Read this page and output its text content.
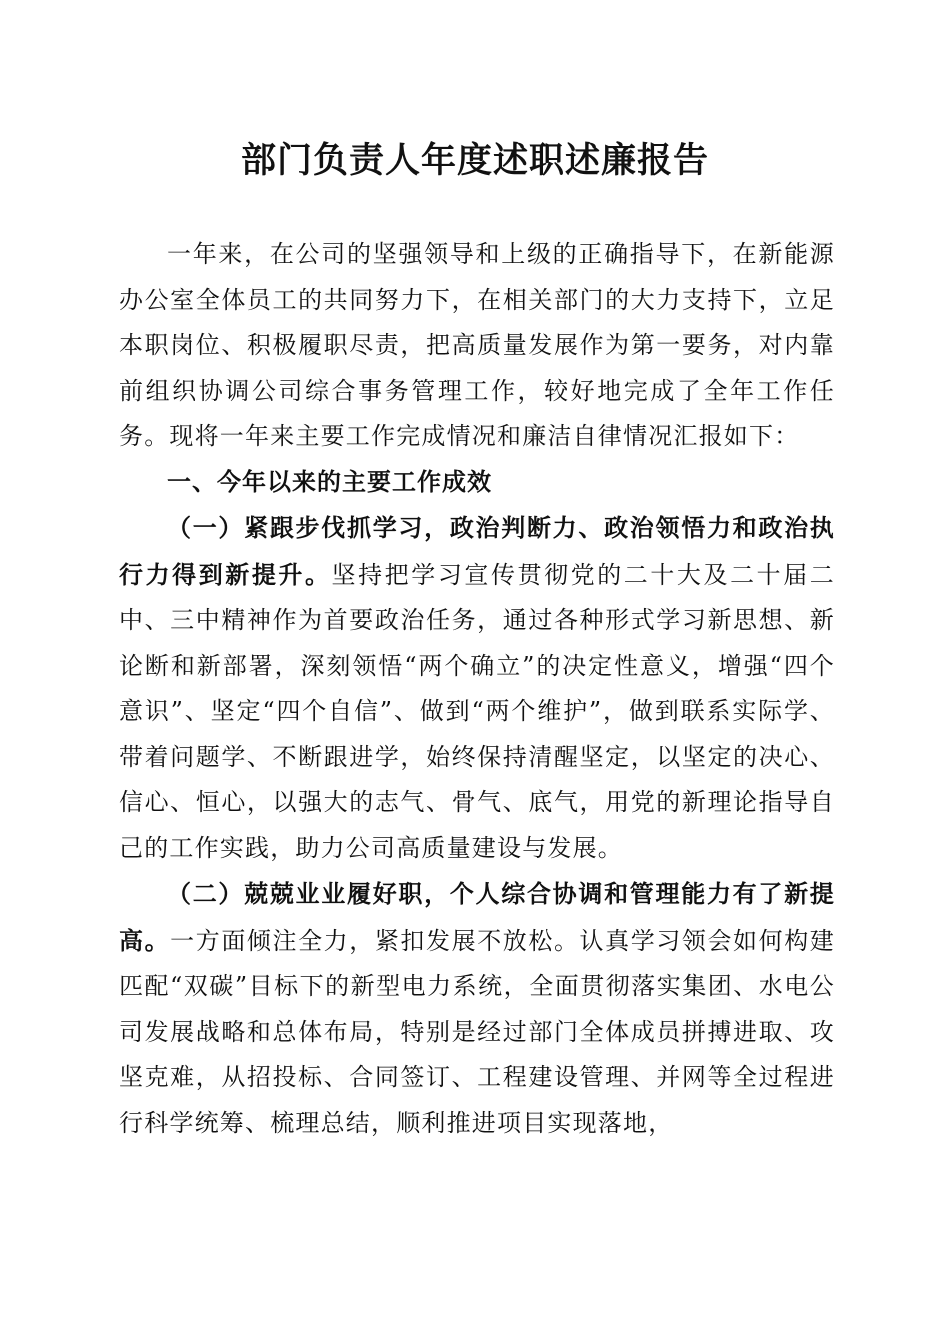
部门负责人年度述职述廉报告

一年来，在公司的坚强领导和上级的正确指导下，在新能源办公室全体员工的共同努力下，在相关部门的大力支持下，立足本职岗位、积极履职尽责，把高质量发展作为第一要务，对内靠前组织协调公司综合事务管理工作，较好地完成了全年工作任务。现将一年来主要工作完成情况和廉洁自律情况汇报如下：

一、今年以来的主要工作成效

（一）紧跟步伐抓学习，政治判断力、政治领悟力和政治执行力得到新提升。坚持把学习宣传贯彻党的二十大及二十届二中、三中精神作为首要政治任务，通过各种形式学习新思想、新论断和新部署，深刻领悟“两个确立”的决定性意义，增强“四个意识”、坚定“四个自信”、做到“两个维护”，做到联系实际学、带着问题学、不断跟进学，始终保持清醒坚定，以坚定的决心、信心、恒心，以强大的志气、骨气、底气，用党的新理论指导自己的工作实践，助力公司高质量建设与发展。

（二）兢兢业业履好职，个人综合协调和管理能力有了新提高。一方面倾注全力，紧扣发展不放松。认真学习领会如何构建匹配“双碳”目标下的新型电力系统，全面贯彻落实集团、水电公司发展战略和总体布局，特别是经过部门全体成员拼搏进取、攻坚克难，从招投标、合同签订、工程建设管理、并网等全过程进行科学统筹、梳理总结，顺利推进项目实现落地，
